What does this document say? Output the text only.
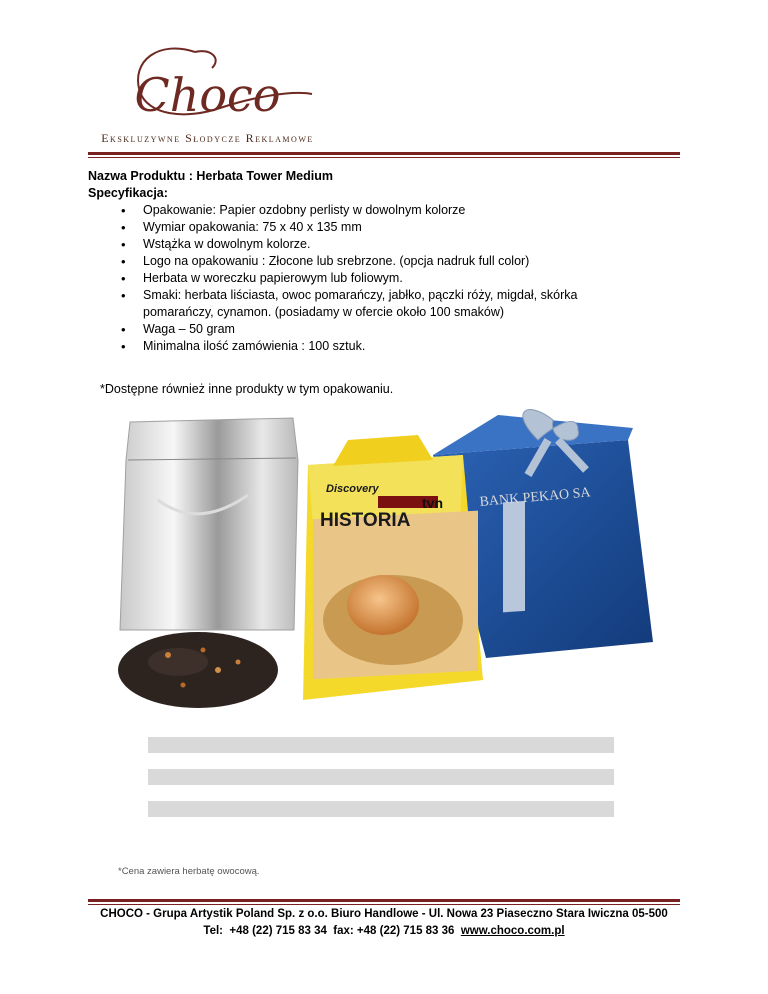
Choco
Ekskluzywne Słodycze Reklamowe
Nazwa Produktu : Herbata Tower Medium
Specyfikacja:
• Opakowanie: Papier ozdobny perlisty w dowolnym kolorze
• Wymiar opakowania: 75 x 40 x 135 mm
• Wstążka w dowolnym kolorze.
• Logo na opakowaniu : Złocone lub srebrzone. (opcja nadruk full color)
• Herbata w woreczku papierowym lub foliowym.
• Smaki: herbata liściasta, owoc pomarańczy, jabłko, pączki róży, migdał, skórka pomarańczy, cynamon. (posiadamy w ofercie około 100 smaków)
• Waga – 50 gram
• Minimalna ilość zamówienia : 100 sztuk.
*Dostępne również inne produkty w tym opakowaniu.
BANK PEKAO SA
Discovery
tvn
HISTORIA
*Cena zawiera herbatę owocową.
CHOCO - Grupa Artystik Poland Sp. z o.o. Biuro Handlowe - Ul. Nowa 23 Piaseczno Stara Iwiczna 05-500
Tel:  +48 (22) 715 83 34  fax: +48 (22) 715 83 36  www.choco.com.pl
